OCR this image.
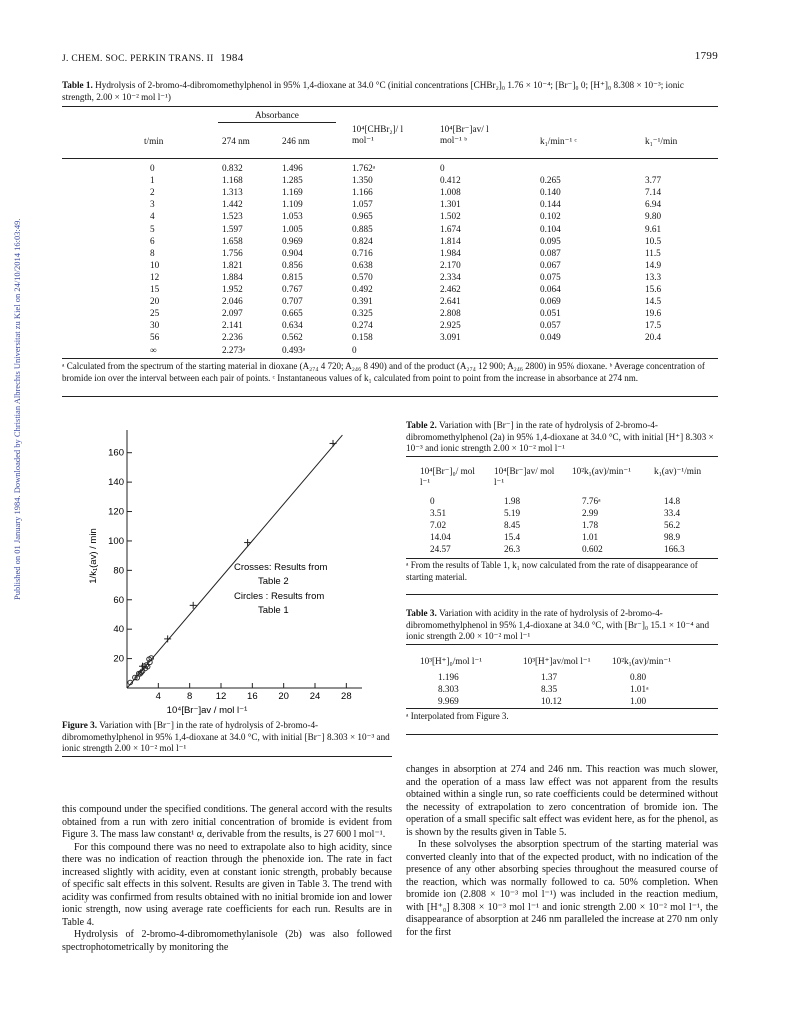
J. CHEM. SOC. PERKIN TRANS. II 1984	1799
Published on 01 January 1984. Downloaded by Christian Albrechts Universitat zu Kiel on 24/10/2014 16:03:49.
Table 1. Hydrolysis of 2-bromo-4-dibromomethylphenol in 95% 1,4-dioxane at 34.0 °C (initial concentrations [CHBr₂]₀ 1.76 × 10⁻⁴; [Br⁻]₀ 0; [H⁺]₀ 8.308 × 10⁻³; ionic strength, 2.00 × 10⁻² mol l⁻¹)
Absorbance
t/min	274 nm	246 nm
10⁴[CHBr₂]/ l mol⁻¹
10⁴[Br⁻]av/ l mol⁻¹ ᵇ	k₁/min⁻¹ ᶜ	k₁⁻¹/min
0	0.832	1.496	1.762ᵃ	0
1	1.168	1.285	1.350	0.412	0.265	3.77
2	1.313	1.169	1.166	1.008	0.140	7.14
3	1.442	1.109	1.057	1.301	0.144	6.94
4	1.523	1.053	0.965	1.502	0.102	9.80
5	1.597	1.005	0.885	1.674	0.104	9.61
6	1.658	0.969	0.824	1.814	0.095	10.5
8	1.756	0.904	0.716	1.984	0.087	11.5
10	1.821	0.856	0.638	2.170	0.067	14.9
12	1.884	0.815	0.570	2.334	0.075	13.3
15	1.952	0.767	0.492	2.462	0.064	15.6
20	2.046	0.707	0.391	2.641	0.069	14.5
25	2.097	0.665	0.325	2.808	0.051	19.6
30	2.141	0.634	0.274	2.925	0.057	17.5
56	2.236	0.562	0.158	3.091	0.049	20.4
∞	2.273ᵃ	0.493ᵃ	0
ᵃ Calculated from the spectrum of the starting material in dioxane (A₂₇₄ 4 720; A₂₄₆ 8 490) and of the product (A₂₇₄ 12 900; A₂₄₆ 2800) in 95% dioxane. ᵇ Average concentration of bromide ion over the interval between each pair of points. ᶜ Instantaneous values of k₁ calculated from point to point from the increase in absorbance at 274 nm.
20
40
60
80
100
120
140
160
4	8 12 16 20 24 28
Crosses: Results from
Table 2
Circles : Results from
Table 1
1/k₁(av) / min
10⁴[Br⁻]av / mol l⁻¹
Figure 3. Variation with [Br⁻] in the rate of hydrolysis of 2-bromo-4-dibromomethylphenol in 95% 1,4-dioxane at 34.0 °C, with initial [Br⁻] 8.303 × 10⁻³ and ionic strength 2.00 × 10⁻² mol l⁻¹
Table 2. Variation with [Br⁻] in the rate of hydrolysis of 2-bromo-4-dibromomethylphenol (2a) in 95% 1,4-dioxane at 34.0 °C, with initial [H⁺] 8.303 × 10⁻³ and ionic strength 2.00 × 10⁻² mol l⁻¹
10⁴[Br⁻]₀/ mol l⁻¹
10⁴[Br⁻]av/ mol l⁻¹
10²k₁(av)/min⁻¹	k₁(av)⁻¹/min
0	1.98	7.76ᵃ	14.8
3.51	5.19	2.99	33.4
7.02	8.45	1.78	56.2
14.04	15.4	1.01	98.9
24.57	26.3	0.602	166.3
ᵃ From the results of Table 1, k₁ now calculated from the rate of disappearance of starting material.
Table 3. Variation with acidity in the rate of hydrolysis of 2-bromo-4-dibromomethylphenol in 95% 1,4-dioxane at 34.0 °C, with [Br⁻]₀ 15.1 × 10⁻⁴ and ionic strength 2.00 × 10⁻² mol l⁻¹
10³[H⁺]₀/mol l⁻¹	10³[H⁺]av/mol l⁻¹ 10²k₁(av)/min⁻¹
1.196	1.37	0.80
8.303	8.35	1.01ᵃ
9.969	10.12	1.00
ᵃ Interpolated from Figure 3.

this compound under the specified conditions. The general accord with the results obtained from a run with zero initial concentration of bromide is evident from Figure 3. The mass law constant¹ α, derivable from the results, is 27 600 l mol⁻¹.

For this compound there was no need to extrapolate also to high acidity, since there was no indication of reaction through the phenoxide ion. The rate in fact increased slightly with acidity, even at constant ionic strength, probably because of specific salt effects in this solvent. Results are given in Table 3. The trend with acidity was confirmed from results obtained with no initial bromide ion and lower ionic strength, now using average rate coefficients for each run. Results are in Table 4.

Hydrolysis of 2-bromo-4-dibromomethylanisole (2b) was also followed spectrophotometrically by monitoring the

changes in absorption at 274 and 246 nm. This reaction was much slower, and the operation of a mass law effect was not apparent from the results obtained within a single run, so rate coefficients could be determined without the necessity of extrapolation to zero concentration of bromide ion. The operation of a small specific salt effect was evident here, as for the phenol, as is shown by the results given in Table 5.

In these solvolyses the absorption spectrum of the starting material was converted cleanly into that of the expected product, with no indication of the presence of any other absorbing species throughout the measured course of the reaction, which was normally followed to ca. 50% completion. When bromide ion (2.808 × 10⁻³ mol l⁻¹) was included in the reaction medium, with [H⁺₀] 8.308 × 10⁻³ mol l⁻¹ and ionic strength 2.00 × 10⁻² mol l⁻¹, the disappearance of absorption at 246 nm paralleled the increase at 270 nm only for the first
